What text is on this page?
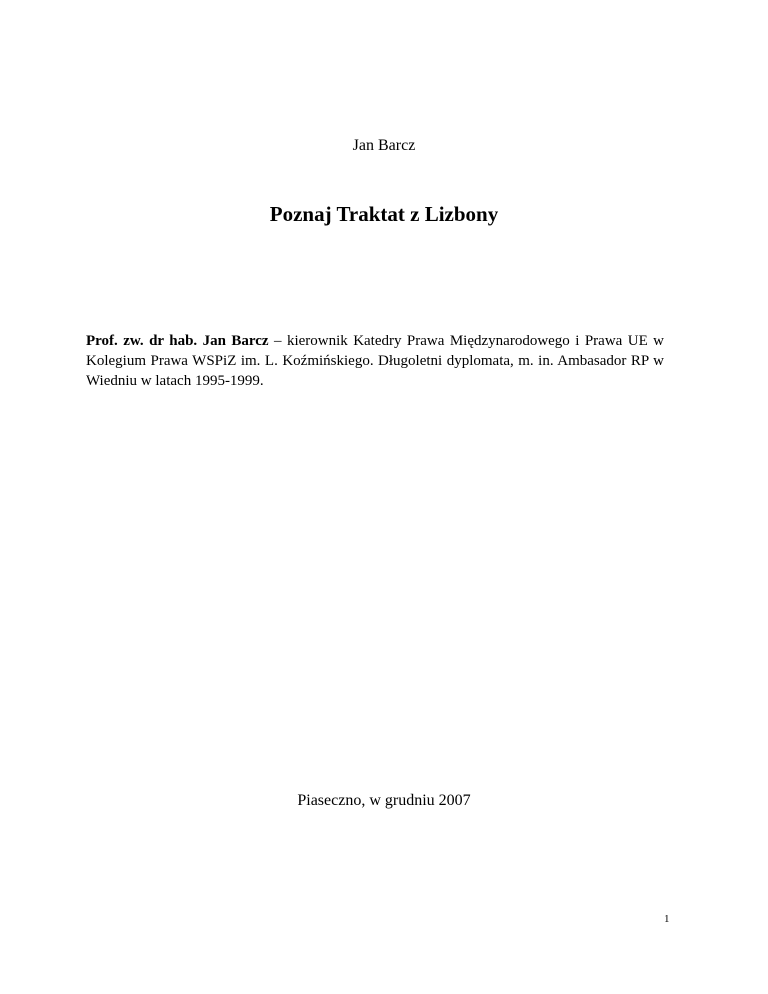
Jan Barcz
Poznaj Traktat z Lizbony

Prof. zw. dr hab. Jan Barcz – kierownik Katedry Prawa Międzynarodowego i Prawa UE w Kolegium Prawa WSPiZ im. L. Koźmińskiego. Długoletni dyplomata, m. in. Ambasador RP w Wiedniu w latach 1995-1999.

Piaseczno, w grudniu 2007
1
